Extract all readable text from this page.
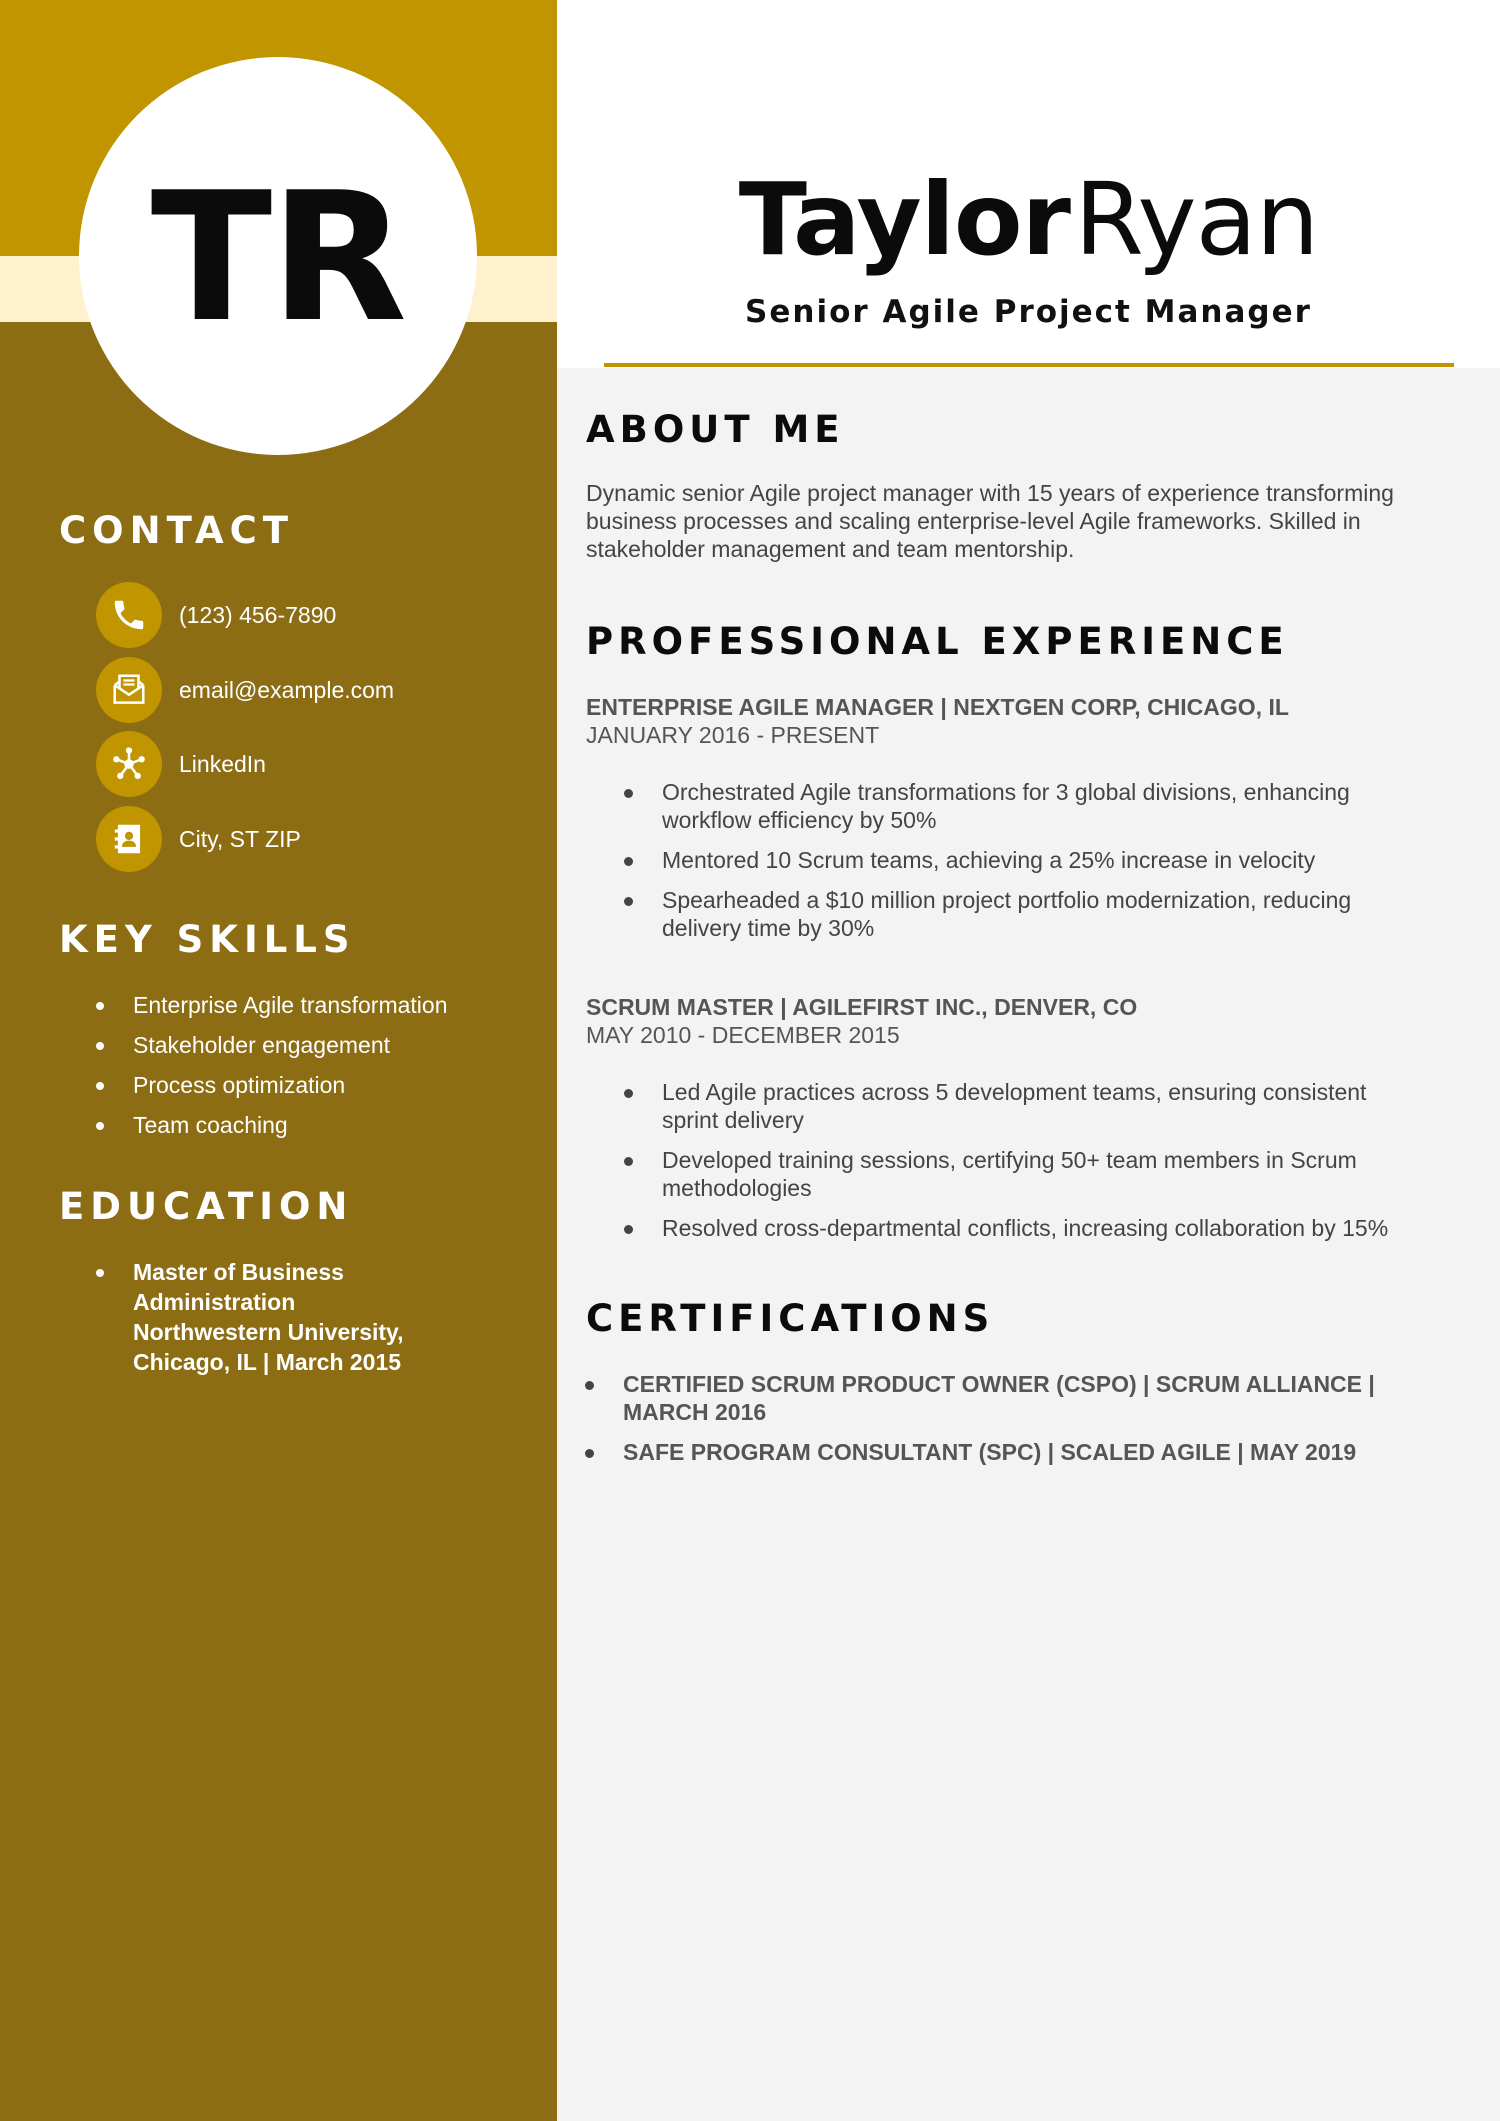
TR
CONTACT
(123) 456-7890
email@example.com
LinkedIn
City, ST ZIP
KEY SKILLS
Enterprise Agile transformation
Stakeholder engagement
Process optimization
Team coaching
EDUCATION
Master of Business
Administration
Northwestern University,
Chicago, IL | March 2015
Taylor Ryan
Senior Agile Project Manager
ABOUT ME
Dynamic senior Agile project manager with 15 years of experience transforming business processes and scaling enterprise-level Agile frameworks. Skilled in stakeholder management and team mentorship.
PROFESSIONAL EXPERIENCE
ENTERPRISE AGILE MANAGER | NEXTGEN CORP, CHICAGO, IL
JANUARY 2016 - PRESENT
Orchestrated Agile transformations for 3 global divisions, enhancing workflow efficiency by 50%
Mentored 10 Scrum teams, achieving a 25% increase in velocity
Spearheaded a $10 million project portfolio modernization, reducing delivery time by 30%
SCRUM MASTER | AGILEFIRST INC., DENVER, CO
MAY 2010 - DECEMBER 2015
Led Agile practices across 5 development teams, ensuring consistent sprint delivery
Developed training sessions, certifying 50+ team members in Scrum methodologies
Resolved cross-departmental conflicts, increasing collaboration by 15%
CERTIFICATIONS
CERTIFIED SCRUM PRODUCT OWNER (CSPO) | SCRUM ALLIANCE | MARCH 2016
SAFE PROGRAM CONSULTANT (SPC) | SCALED AGILE | MAY 2019
